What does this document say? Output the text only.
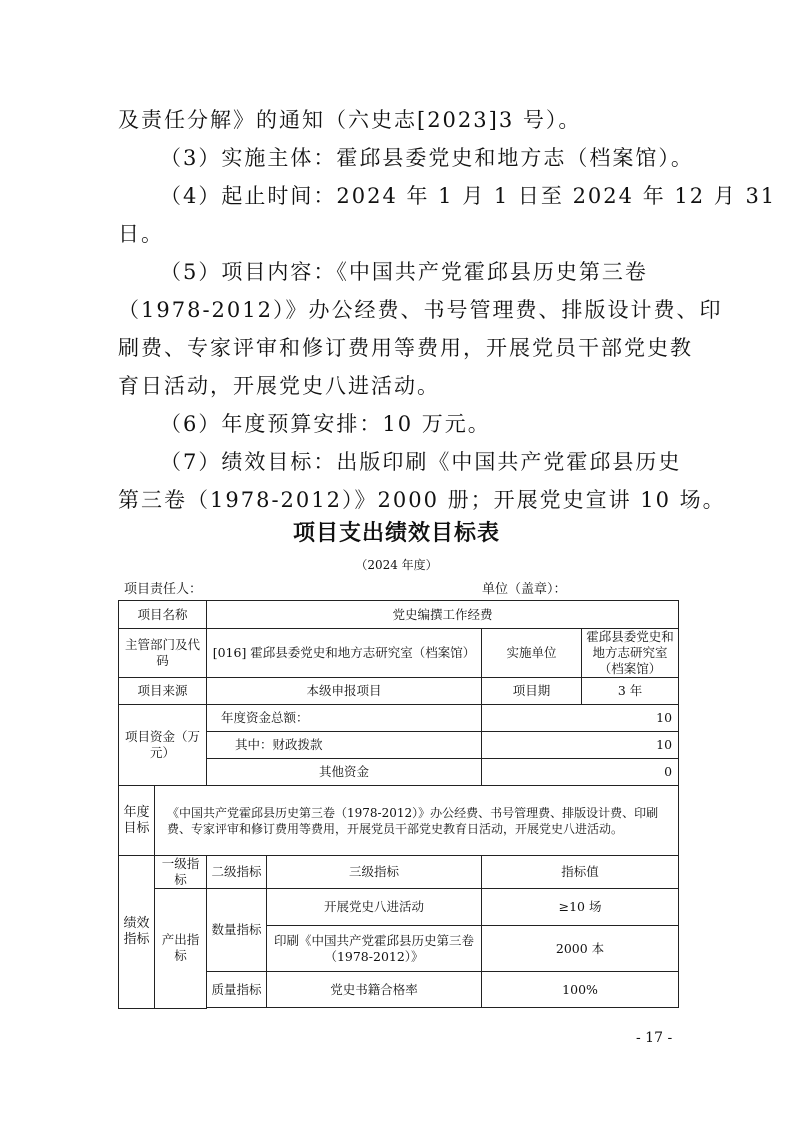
及责任分解》的通知（六史志[2023]3 号）。
（3）实施主体：霍邱县委党史和地方志（档案馆）。
（4）起止时间：2024 年 1 月 1 日至 2024 年 12 月 31
日。
（5）项目内容：《中国共产党霍邱县历史第三卷
（1978-2012）》办公经费、书号管理费、排版设计费、印
刷费、专家评审和修订费用等费用，开展党员干部党史教
育日活动，开展党史八进活动。
（6）年度预算安排：10 万元。
（7）绩效目标：出版印刷《中国共产党霍邱县历史
第三卷（1978-2012）》2000 册；开展党史宣讲 10 场。
项目支出绩效目标表
（2024 年度）
项目责任人：	单位（盖章）：
项目名称		党史编撰工作经费			
主管部门及代码		[016] 霍邱县委党史和地方志研究室（档案馆）		实施单位	霍邱县委党史和地方志研究室（档案馆）
项目来源		本级申报项目		项目期	3 年
项目资金（万元）		年度资金总额：		10	
		其中：财政拨款		10	
		其他资金		0	
年度目标	《中国共产党霍邱县历史第三卷（1978-2012）》办公经费、书号管理费、排版设计费、印刷费、专家评审和修订费用等费用，开展党员干部党史教育日活动，开展党史八进活动。				
绩效指标	一级指标	二级指标	三级指标	指标值	
	产出指标	数量指标	开展党史八进活动	≥10 场	
			印刷《中国共产党霍邱县历史第三卷（1978-2012）》	2000 本	
		质量指标	党史书籍合格率	100%	

- 17 -
